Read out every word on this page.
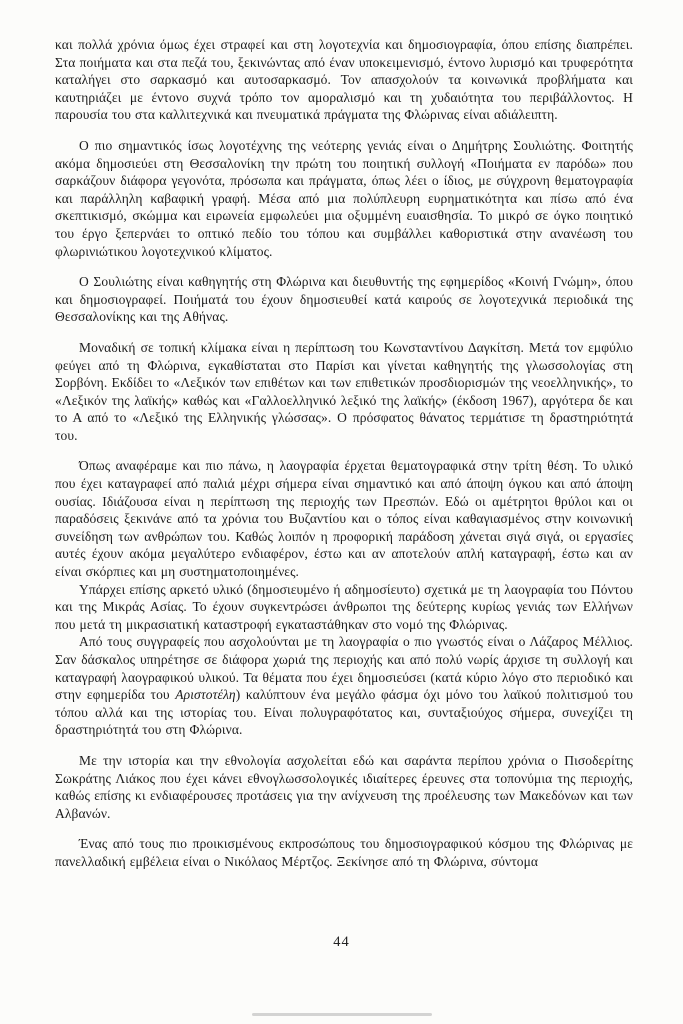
και πολλά χρόνια όμως έχει στραφεί και στη λογοτεχνία και δημοσιογραφία, όπου επίσης διαπρέπει. Στα ποιήματα και στα πεζά του, ξεκινώντας από έναν υποκειμενισμό, έντονο λυρισμό και τρυφερότητα καταλήγει στο σαρκασμό και αυτοσαρκασμό. Τον απασχολούν τα κοινωνικά προβλήματα και καυτηριάζει με έντονο συχνά τρόπο τον αμοραλισμό και τη χυδαιότητα του περιβάλλοντος. Η παρουσία του στα καλλιτεχνικά και πνευματικά πράγματα της Φλώρινας είναι αδιάλειπτη.

Ο πιο σημαντικός ίσως λογοτέχνης της νεότερης γενιάς είναι ο Δημήτρης Σουλιώτης. Φοιτητής ακόμα δημοσιεύει στη Θεσσαλονίκη την πρώτη του ποιητική συλλογή «Ποιήματα εν παρόδω» που σαρκάζουν διάφορα γεγονότα, πρόσωπα και πράγματα, όπως λέει ο ίδιος, με σύγχρονη θεματογραφία και παράλληλη καβαφική γραφή. Μέσα από μια πολύπλευρη ευρηματικότητα και πίσω από ένα σκεπτικισμό, σκώμμα και ειρωνεία εμφωλεύει μια οξυμμένη ευαισθησία. Το μικρό σε όγκο ποιητικό του έργο ξεπερνάει το οπτικό πεδίο του τόπου και συμβάλλει καθοριστικά στην ανανέωση του φλωρινιώτικου λογοτεχνικού κλίματος.

Ο Σουλιώτης είναι καθηγητής στη Φλώρινα και διευθυντής της εφημερίδος «Κοινή Γνώμη», όπου και δημοσιογραφεί. Ποιήματά του έχουν δημοσιευθεί κατά καιρούς σε λογοτεχνικά περιοδικά της Θεσσαλονίκης και της Αθήνας.

Μοναδική σε τοπική κλίμακα είναι η περίπτωση του Κωνσταντίνου Δαγκίτση. Μετά τον εμφύλιο φεύγει από τη Φλώρινα, εγκαθίσταται στο Παρίσι και γίνεται καθηγητής της γλωσσολογίας στη Σορβόνη. Εκδίδει το «Λεξικόν των επιθέτων και των επιθετικών προσδιορισμών της νεοελληνικής», το «Λεξικόν της λαϊκής» καθώς και «Γαλλοελληνικό λεξικό της λαϊκής» (έκδοση 1967), αργότερα δε και το Α από το «Λεξικό της Ελληνικής γλώσσας». Ο πρόσφατος θάνατος τερμάτισε τη δραστηριότητά του.

Όπως αναφέραμε και πιο πάνω, η λαογραφία έρχεται θεματογραφικά στην τρίτη θέση. Το υλικό που έχει καταγραφεί από παλιά μέχρι σήμερα είναι σημαντικό και από άποψη όγκου και από άποψη ουσίας. Ιδιάζουσα είναι η περίπτωση της περιοχής των Πρεσπών. Εδώ οι αμέτρητοι θρύλοι και οι παραδόσεις ξεκινάνε από τα χρόνια του Βυζαντίου και ο τόπος είναι καθαγιασμένος στην κοινωνική συνείδηση των ανθρώπων του. Καθώς λοιπόν η προφορική παράδοση χάνεται σιγά σιγά, οι εργασίες αυτές έχουν ακόμα μεγαλύτερο ενδιαφέρον, έστω και αν αποτελούν απλή καταγραφή, έστω και αν είναι σκόρπιες και μη συστηματοποιημένες.

Υπάρχει επίσης αρκετό υλικό (δημοσιευμένο ή αδημοσίευτο) σχετικά με τη λαογραφία του Πόντου και της Μικράς Ασίας. Το έχουν συγκεντρώσει άνθρωποι της δεύτερης κυρίως γενιάς των Ελλήνων που μετά τη μικρασιατική καταστροφή εγκαταστάθηκαν στο νομό της Φλώρινας.

Από τους συγγραφείς που ασχολούνται με τη λαογραφία ο πιο γνωστός είναι ο Λάζαρος Μέλλιος. Σαν δάσκαλος υπηρέτησε σε διάφορα χωριά της περιοχής και από πολύ νωρίς άρχισε τη συλλογή και καταγραφή λαογραφικού υλικού. Τα θέματα που έχει δημοσιεύσει (κατά κύριο λόγο στο περιοδικό και στην εφημερίδα του Αριστοτέλη) καλύπτουν ένα μεγάλο φάσμα όχι μόνο του λαϊκού πολιτισμού του τόπου αλλά και της ιστορίας του. Είναι πολυγραφότατος και, συνταξιούχος σήμερα, συνεχίζει τη δραστηριότητά του στη Φλώρινα.

Με την ιστορία και την εθνολογία ασχολείται εδώ και σαράντα περίπου χρόνια ο Πισοδερίτης Σωκράτης Λιάκος που έχει κάνει εθνογλωσσολογικές ιδιαίτερες έρευνες στα τοπονύμια της περιοχής, καθώς επίσης κι ενδιαφέρουσες προτάσεις για την ανίχνευση της προέλευσης των Μακεδόνων και των Αλβανών.

Ένας από τους πιο προικισμένους εκπροσώπους του δημοσιογραφικού κόσμου της Φλώρινας με πανελλαδική εμβέλεια είναι ο Νικόλαος Μέρτζος. Ξεκίνησε από τη Φλώρινα, σύντομα

44
